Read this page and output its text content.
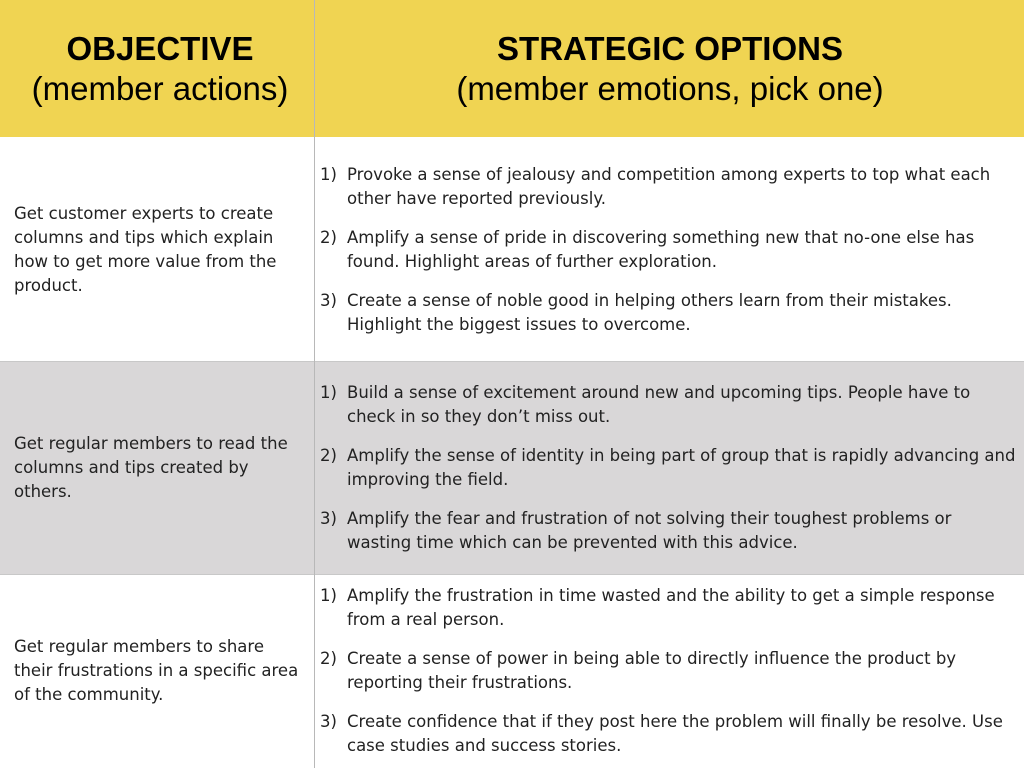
OBJECTIVE
(member actions)
STRATEGIC OPTIONS
(member emotions, pick one)
Get customer experts to create columns and tips which explain how to get more value from the product.
1) Provoke a sense of jealousy and competition among experts to top what each other have reported previously.
2) Amplify a sense of pride in discovering something new that no-one else has found. Highlight areas of further exploration.
3) Create a sense of noble good in helping others learn from their mistakes. Highlight the biggest issues to overcome.
Get regular members to read the columns and tips created by others.
1) Build a sense of excitement around new and upcoming tips. People have to check in so they don’t miss out.
2) Amplify the sense of identity in being part of group that is rapidly advancing and improving the field.
3) Amplify the fear and frustration of not solving their toughest problems or wasting time which can be prevented with this advice.
Get regular members to share their frustrations in a specific area of the community.
1) Amplify the frustration in time wasted and the ability to get a simple response from a real person.
2) Create a sense of power in being able to directly influence the product by reporting their frustrations.
3) Create confidence that if they post here the problem will finally be resolve. Use case studies and success stories.
